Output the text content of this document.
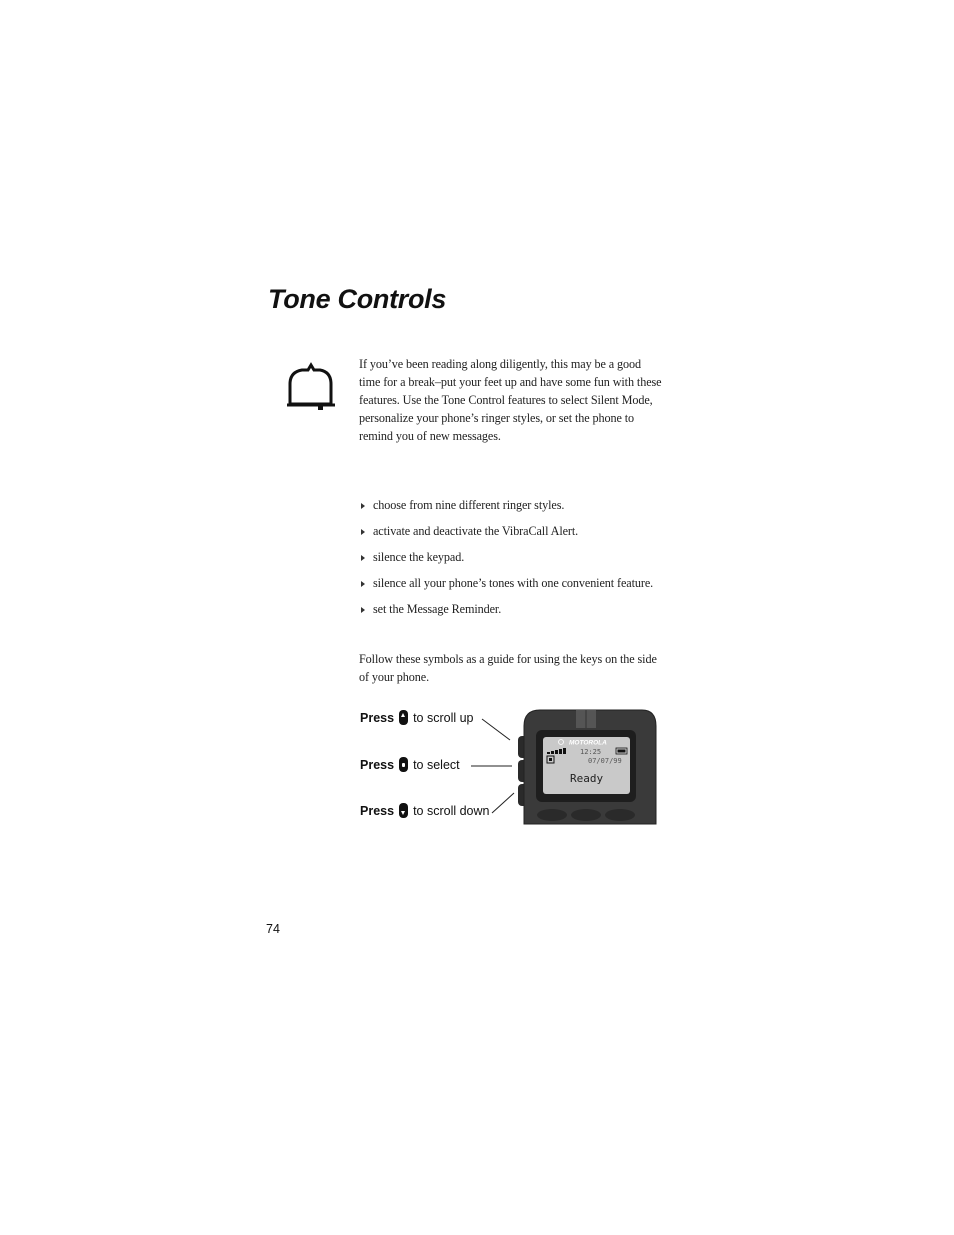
Tone Controls

If you’ve been reading along diligently, this may be a good time for a break–put your feet up and have some fun with these features. Use the Tone Control features to select Silent Mode, personalize your phone’s ringer styles, or set the phone to remind you of new messages.

choose from nine different ringer styles.
activate and deactivate the VibraCall Alert.
silence the keypad.
silence all your phone’s tones with one convenient feature.
set the Message Reminder.

Follow these symbols as a guide for using the keys on the side of your phone.

Press to scroll up
Press to select
Press to scroll down
MOTOROLA
12:25
07/07/99
Ready

74
